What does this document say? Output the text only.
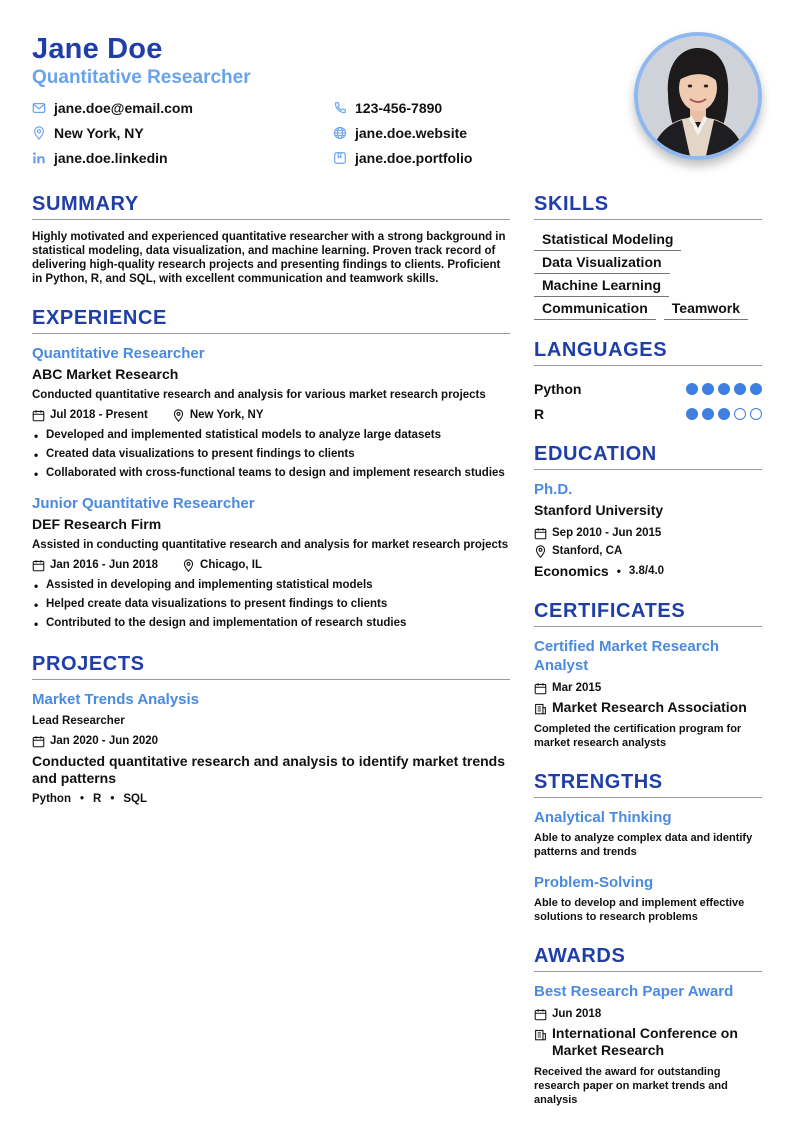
Jane Doe
Quantitative Researcher
jane.doe@email.com	123-456-7890
New York, NY	jane.doe.website
jane.doe.linkedin	jane.doe.portfolio
SUMMARY

Highly motivated and experienced quantitative researcher with a strong background in statistical modeling, data visualization, and machine learning. Proven track record of delivering high-quality research projects and presenting findings to clients. Proficient in Python, R, and SQL, with excellent communication and teamwork skills.

EXPERIENCE
Quantitative Researcher
ABC Market Research
Conducted quantitative research and analysis for various market research projects
Jul 2018 - Present	New York, NY
• Developed and implemented statistical models to analyze large datasets
• Created data visualizations to present findings to clients
• Collaborated with cross-functional teams to design and implement research studies
Junior Quantitative Researcher
DEF Research Firm
Assisted in conducting quantitative research and analysis for market research projects
Jan 2016 - Jun 2018	Chicago, IL
• Assisted in developing and implementing statistical models
• Helped create data visualizations to present findings to clients
• Contributed to the design and implementation of research studies
PROJECTS
Market Trends Analysis
Lead Researcher
Jan 2020 - Jun 2020
Conducted quantitative research and analysis to identify market trends and patterns
Python • R • SQL
SKILLS
Statistical Modeling
Data Visualization
Machine Learning
Communication	Teamwork
LANGUAGES
Python
R
EDUCATION
Ph.D.
Stanford University
Sep 2010 - Jun 2015
Stanford, CA
Economics • 3.8/4.0
CERTIFICATES
Certified Market Research Analyst
Mar 2015
Market Research Association
Completed the certification program for market research analysts
STRENGTHS
Analytical Thinking
Able to analyze complex data and identify patterns and trends
Problem-Solving
Able to develop and implement effective solutions to research problems
AWARDS
Best Research Paper Award
Jun 2018
International Conference on Market Research
Received the award for outstanding research paper on market trends and analysis
